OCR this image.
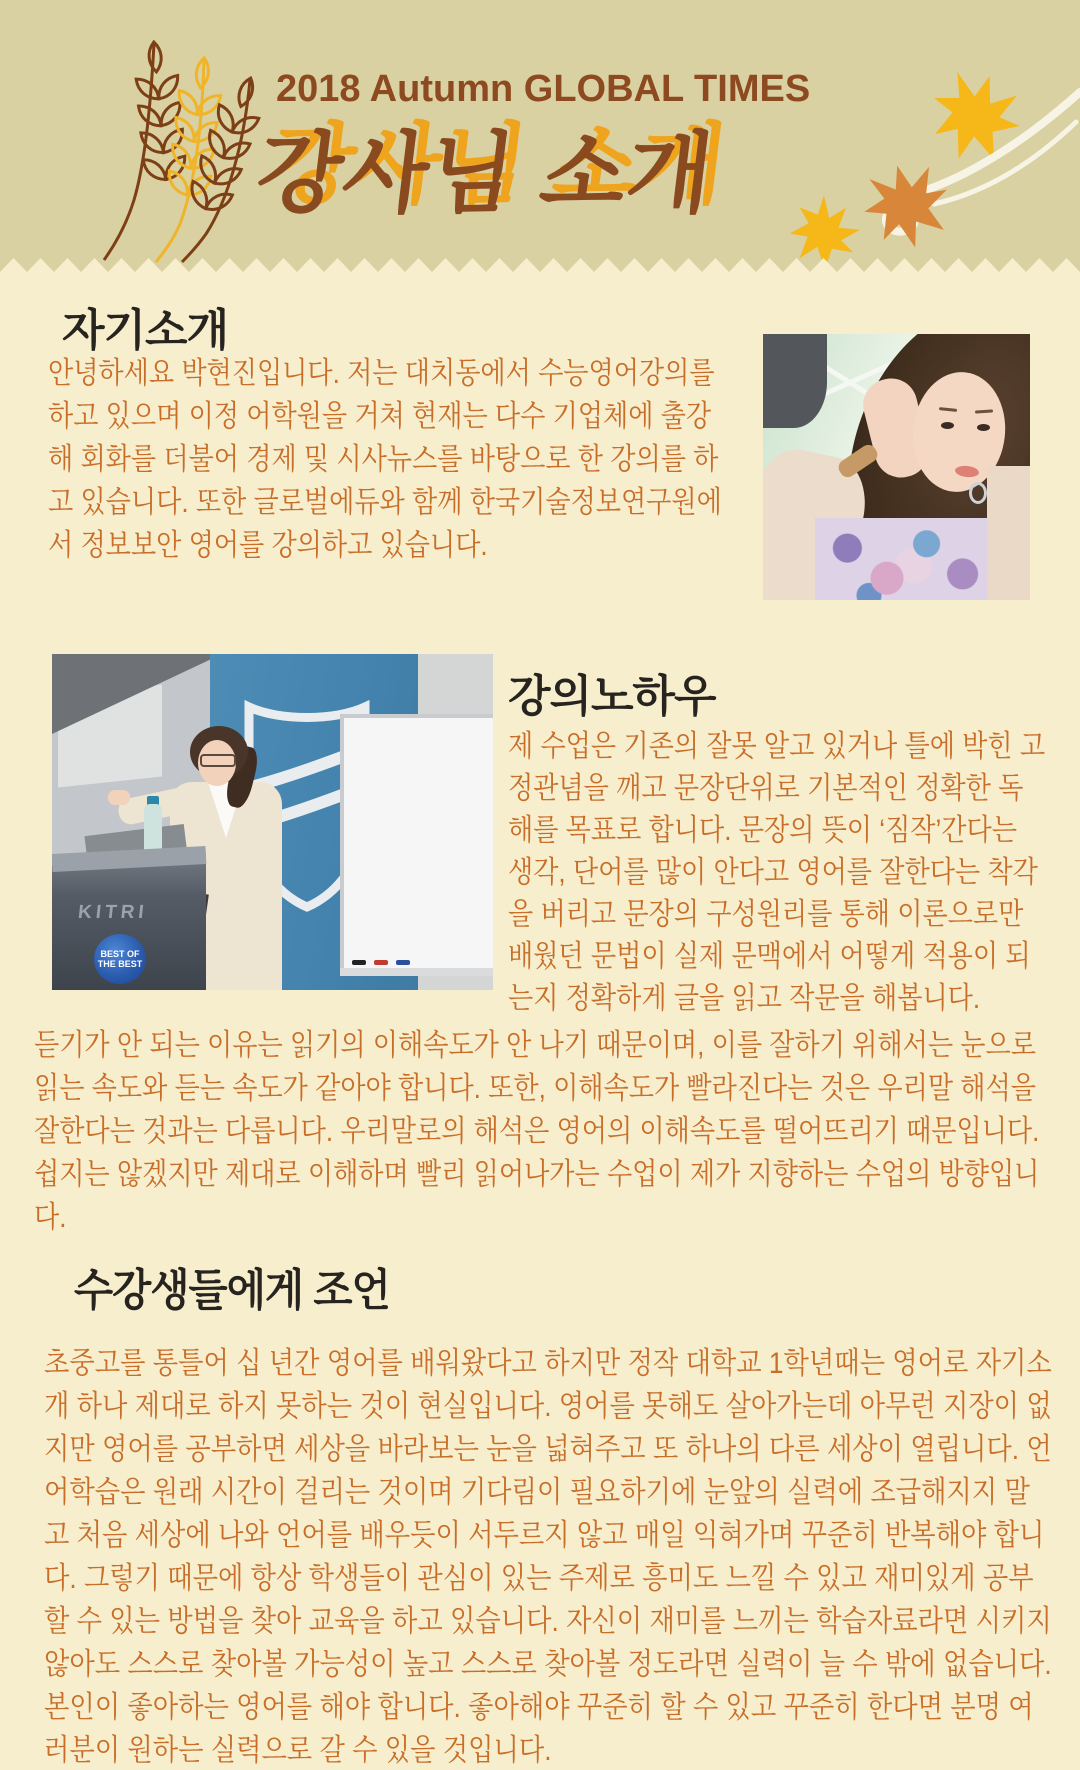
2018 Autumn GLOBAL TIMES
강사님 소개
자기소개
안녕하세요 박현진입니다. 저는 대치동에서 수능영어강의를 하고 있으며 이정 어학원을 거쳐 현재는 다수 기업체에 출강해 회화를 더불어 경제 및 시사뉴스를 바탕으로 한 강의를 하고 있습니다. 또한 글로벌에듀와 함께 한국기술정보연구원에서 정보보안 영어를 강의하고 있습니다.
KITRI
BEST OF THE BEST
강의노하우
제 수업은 기존의 잘못 알고 있거나 틀에 박힌 고정관념을 깨고 문장단위로 기본적인 정확한 독해를 목표로 합니다. 문장의 뜻이 ‘짐작’간다는 생각, 단어를 많이 안다고 영어를 잘한다는 착각을 버리고 문장의 구성원리를 통해 이론으로만 배웠던 문법이 실제 문맥에서 어떻게 적용이 되는지 정확하게 글을 읽고 작문을 해봅니다.
듣기가 안 되는 이유는 읽기의 이해속도가 안 나기 때문이며, 이를 잘하기 위해서는 눈으로 읽는 속도와 듣는 속도가 같아야 합니다. 또한, 이해속도가 빨라진다는 것은 우리말 해석을 잘한다는 것과는 다릅니다. 우리말로의 해석은 영어의 이해속도를 떨어뜨리기 때문입니다. 쉽지는 않겠지만 제대로 이해하며 빨리 읽어나가는 수업이 제가 지향하는 수업의 방향입니다.
수강생들에게 조언
초중고를 통틀어 십 년간 영어를 배워왔다고 하지만 정작 대학교 1학년때는 영어로 자기소개 하나 제대로 하지 못하는 것이 현실입니다. 영어를 못해도 살아가는데 아무런 지장이 없지만 영어를 공부하면 세상을 바라보는 눈을 넓혀주고 또 하나의 다른 세상이 열립니다. 언어학습은 원래 시간이 걸리는 것이며 기다림이 필요하기에 눈앞의 실력에 조급해지지 말고 처음 세상에 나와 언어를 배우듯이 서두르지 않고 매일 익혀가며 꾸준히 반복해야 합니다. 그렇기 때문에 항상 학생들이 관심이 있는 주제로 흥미도 느낄 수 있고 재미있게 공부할 수 있는 방법을 찾아 교육을 하고 있습니다. 자신이 재미를 느끼는 학습자료라면 시키지 않아도 스스로 찾아볼 가능성이 높고 스스로 찾아볼 정도라면 실력이 늘 수 밖에 없습니다. 본인이 좋아하는 영어를 해야 합니다. 좋아해야 꾸준히 할 수 있고 꾸준히 한다면 분명 여러분이 원하는 실력으로 갈 수 있을 것입니다.
